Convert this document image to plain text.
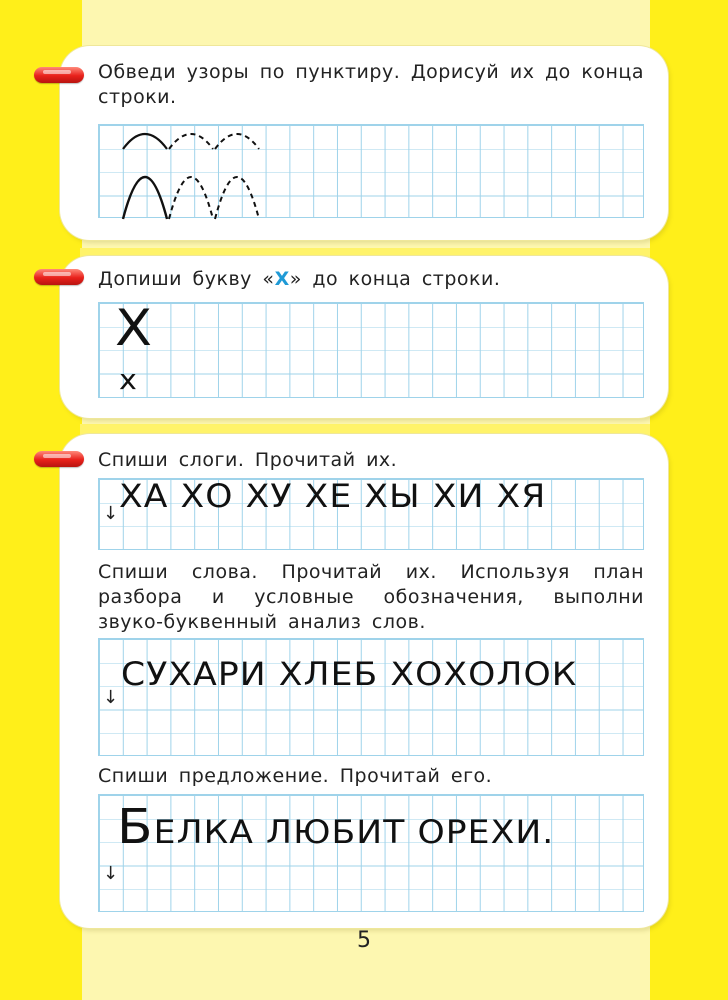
Обведи узоры по пунктиру. Дорисуй их до конца строки.

Допиши букву «Х» до конца строки.

Х
х

Спиши слоги. Прочитай их.

ХА ХО ХУ ХЕ ХЫ ХИ ХЯ
↓

Спиши слова. Прочитай их. Используя план разбора и условные обозначения, выполни звуко-буквенный анализ слов.

СУХАРИ ХЛЕБ ХОХОЛОК
↓

Спиши предложение. Прочитай его.

БЕЛКА ЛЮБИТ ОРЕХИ.
↓
5
